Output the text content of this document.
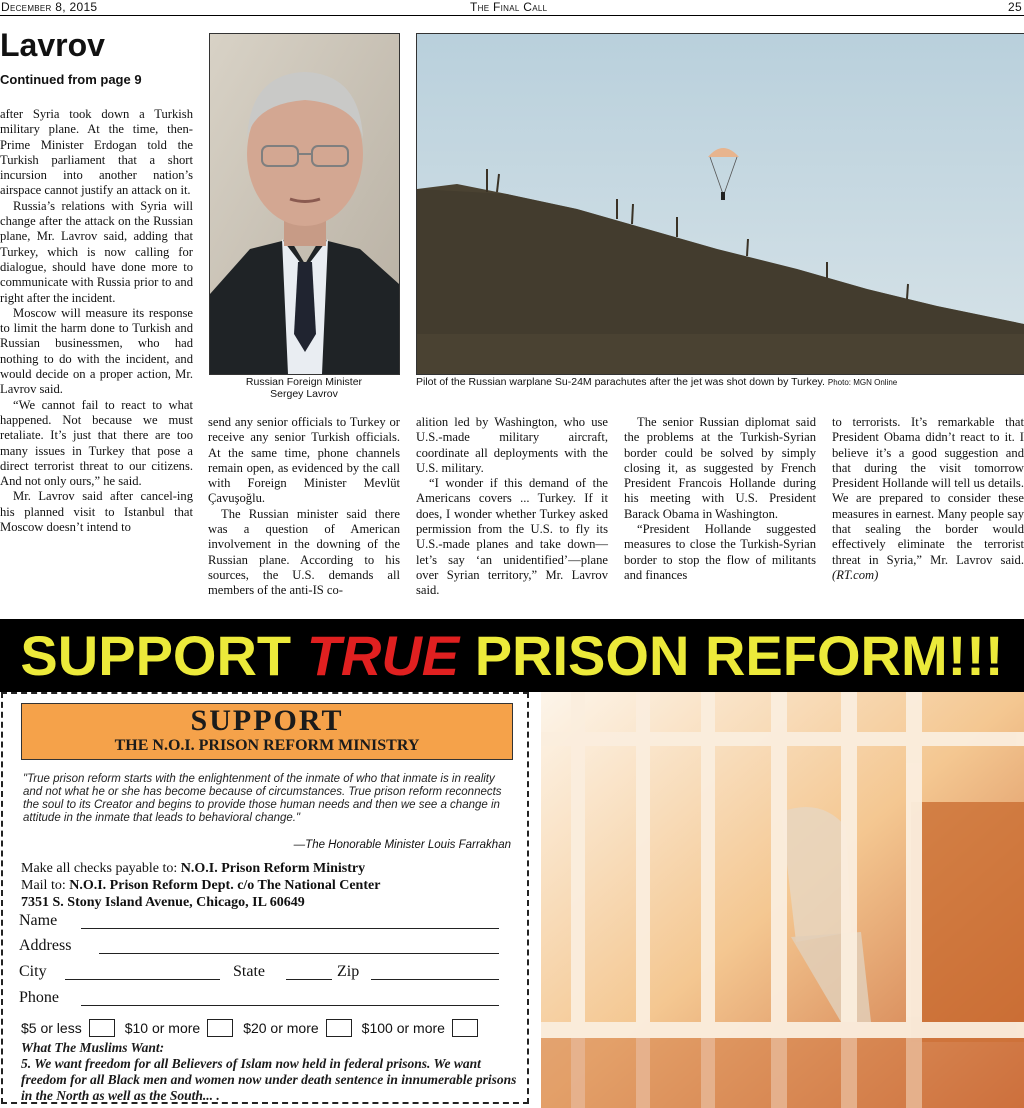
December 8, 2015	The Final Call	25
Lavrov
Continued from page 9

after Syria took down a Turkish military plane. At the time, then-Prime Minister Erdogan told the Turkish parliament that a short incursion into another nation’s airspace cannot justify an attack on it.

Russia’s relations with Syria will change after the attack on the Russian plane, Mr. Lavrov said, adding that Turkey, which is now calling for dialogue, should have done more to communicate with Russia prior to and right after the incident.

Moscow will measure its response to limit the harm done to Turkish and Russian businessmen, who had nothing to do with the incident, and would decide on a proper action, Mr. Lavrov said.

“We cannot fail to react to what happened. Not because we must retaliate. It’s just that there are too many issues in Turkey that pose a direct terrorist threat to our citizens. And not only ours,” he said.

Mr. Lavrov said after cancel-ing his planned visit to Istanbul that Moscow doesn’t intend to

send any senior officials to Turkey or receive any senior Turkish officials. At the same time, phone channels remain open, as evidenced by the call with Foreign Minister Mevlüt Çavuşoğlu.

The Russian minister said there was a question of American involvement in the downing of the Russian plane. According to his sources, the U.S. demands all members of the anti-IS co-

alition led by Washington, who use U.S.-made military aircraft, coordinate all deployments with the U.S. military.

“I wonder if this demand of the Americans covers ... Turkey. If it does, I wonder whether Turkey asked permission from the U.S. to fly its U.S.-made planes and take down—let’s say ‘an unidentified’—plane over Syrian territory,” Mr. Lavrov said.

The senior Russian diplomat said the problems at the Turkish-Syrian border could be solved by simply closing it, as suggested by French President Francois Hollande during his meeting with U.S. President Barack Obama in Washington.

“President Hollande suggested measures to close the Turkish-Syrian border to stop the flow of militants and finances

to terrorists. It’s remarkable that President Obama didn’t react to it. I believe it’s a good suggestion and that during the visit tomorrow President Hollande will tell us details. We are prepared to consider these measures in earnest. Many people say that sealing the border would effectively eliminate the terrorist threat in Syria,” Mr. Lavrov said. (RT.com)

Russian Foreign Minister
Sergey Lavrov
Pilot of the Russian warplane Su-24M parachutes after the jet was shot down by Turkey. Photo: MGN Online
SUPPORT TRUE PRISON REFORM!!!
SUPPORT
THE N.O.I. PRISON REFORM MINISTRY
"True prison reform starts with the enlightenment of the inmate of who that inmate is in reality and not what he or she has become because of circumstances. True prison reform reconnects the soul to its Creator and begins to provide those human needs and then we see a change in attitude in the inmate that leads to behavioral change."
—The Honorable Minister Louis Farrakhan
Make all checks payable to: N.O.I. Prison Reform Ministry
Mail to: N.O.I. Prison Reform Dept. c/o The National Center
7351 S. Stony Island Avenue, Chicago, IL 60649
Name
Address
City	State	Zip
Phone
$5 or less	$10 or more	$20 or more	$100 or more
What The Muslims Want:
5. We want freedom for all Believers of Islam now held in federal prisons. We want freedom for all Black men and women now under death sentence in innumerable prisons in the North as well as the South... .
